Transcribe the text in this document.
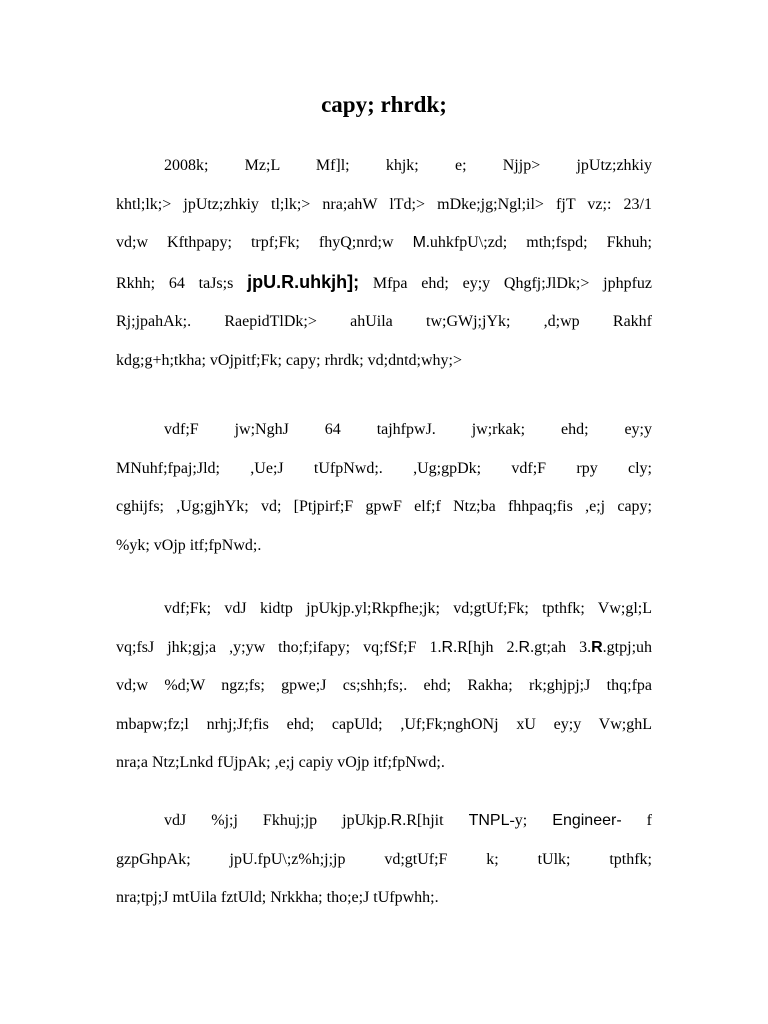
capy; rhrdk;
2008k; Mz;L Mf]l; khjk; e; Njjp> jpUtz;zhkiy
khtl;lk;> jpUtz;zhkiy tl;lk;> nra;ahW lTd;> mDke;jg;Ngl;il> fjT vz;: 23/1
vd;w Kfthpapy; trpf;Fk; fhyQ;nrd;w M.uhkfpU\;zd; mth;fspd; Fkhuh;
Rkhh; 64 taJs;s jpU.R.uhkjh]; Mfpa ehd; ey;y Qhgfj;JlDk;> jphpfuz
Rj;jpahAk;. RaepidTlDk;> ahUila tw;GWj;jYk; ,d;wp Rakhf
kdg;g+h;tkha; vOjpitf;Fk; capy; rhrdk; vd;dntd;why;>
vdf;F jw;NghJ 64 tajhfpwJ. jw;rkak; ehd; ey;y
MNuhf;fpaj;Jld; ,Ue;J tUfpNwd;. ,Ug;gpDk; vdf;F rpy cly;
cghijfs; ,Ug;gjhYk; vd; [Ptjpirf;F gpwF elf;f Ntz;ba fhhpaq;fis ,e;j capy;
%yk; vOjp itf;fpNwd;.
vdf;Fk; vdJ kidtp jpUkjp.yl;Rkpfhe;jk; vd;gtUf;Fk; tpthfk; Vw;gl;L
vq;fsJ jhk;gj;a ,y;yw tho;f;ifapy; vq;fSf;F 1.R.R[hjh 2.R.gt;ah 3.R.gtpj;uh
vd;w %d;W ngz;fs; gpwe;J cs;shh;fs;. ehd; Rakha; rk;ghjpj;J thq;fpa
mbapw;fz;l nrhj;Jf;fis ehd; capUld; ,Uf;Fk;nghONj xU ey;y Vw;ghL
nra;a Ntz;Lnkd fUjpAk; ,e;j capiy vOjp itf;fpNwd;.
vdJ %j;j Fkhuj;jp jpUkjp.R.R[hjit TNPL-y; Engineer- f
gzpGhpAk; jpU.fpU\;z%h;j;jp vd;gtUf;F k; tUlk; tpthfk;
nra;tpj;J mtUila fztUld; Nrkkha; tho;e;J tUfpwhh;.
